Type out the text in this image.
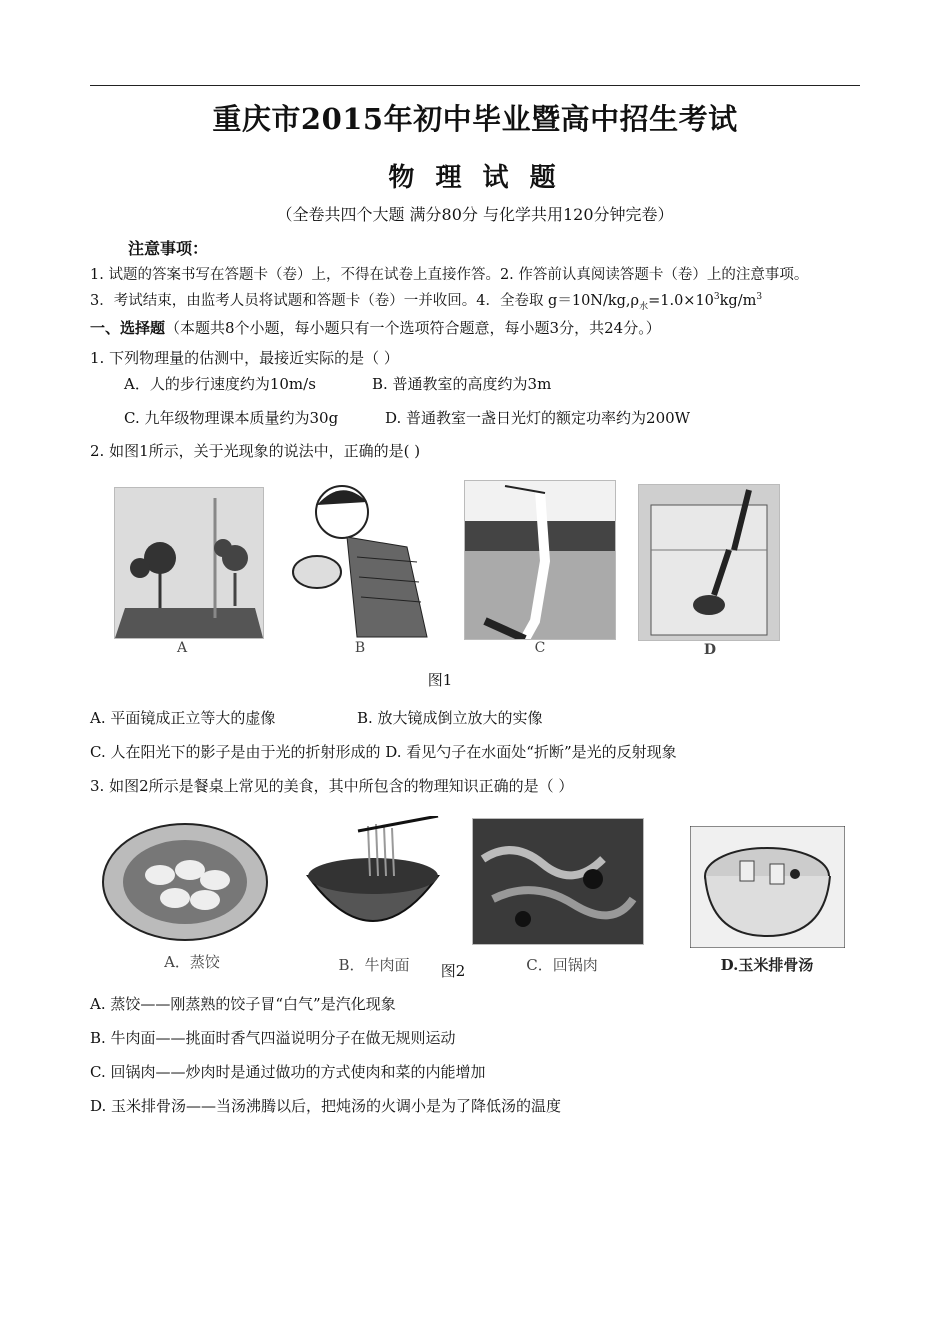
重庆市2015年初中毕业暨高中招生考试
物 理 试 题
（全卷共四个大题 满分80分 与化学共用120分钟完卷）
注意事项：
1. 试题的答案书写在答题卡（卷）上，不得在试卷上直接作答。2. 作答前认真阅读答题卡（卷）上的注意事项。
3．考试结束，由监考人员将试题和答题卡（卷）一并收回。4．全卷取 $g=10N/kg,\rho_水=1.0\times 10^3kg/m^3$
一、选择题（本题共8个小题，每小题只有一个选项符合题意，每小题3分，共24分。）
1. 下列物理量的估测中，最接近实际的是（ ）
A．人的步行速度约为10m/s	B. 普通教室的高度约为3m
C. 九年级物理课本质量约为30g	D. 普通教室一盏日光灯的额定功率约为200W
2. 如图1所示，关于光现象的说法中，正确的是( )
A	B	C	D
图1
A. 平面镜成正立等大的虚像	B. 放大镜成倒立放大的实像
C. 人在阳光下的影子是由于光的折射形成的 D. 看见勺子在水面处“折断”是光的反射现象
3. 如图2所示是餐桌上常见的美食，其中所包含的物理知识正确的是（ ）
A．蒸饺	B．牛肉面	C．回锅肉	D.玉米排骨汤
图2
A. 蒸饺——刚蒸熟的饺子冒“白气”是汽化现象
B. 牛肉面——挑面时香气四溢说明分子在做无规则运动
C. 回锅肉——炒肉时是通过做功的方式使肉和菜的内能增加
D. 玉米排骨汤——当汤沸腾以后，把炖汤的火调小是为了降低汤的温度
